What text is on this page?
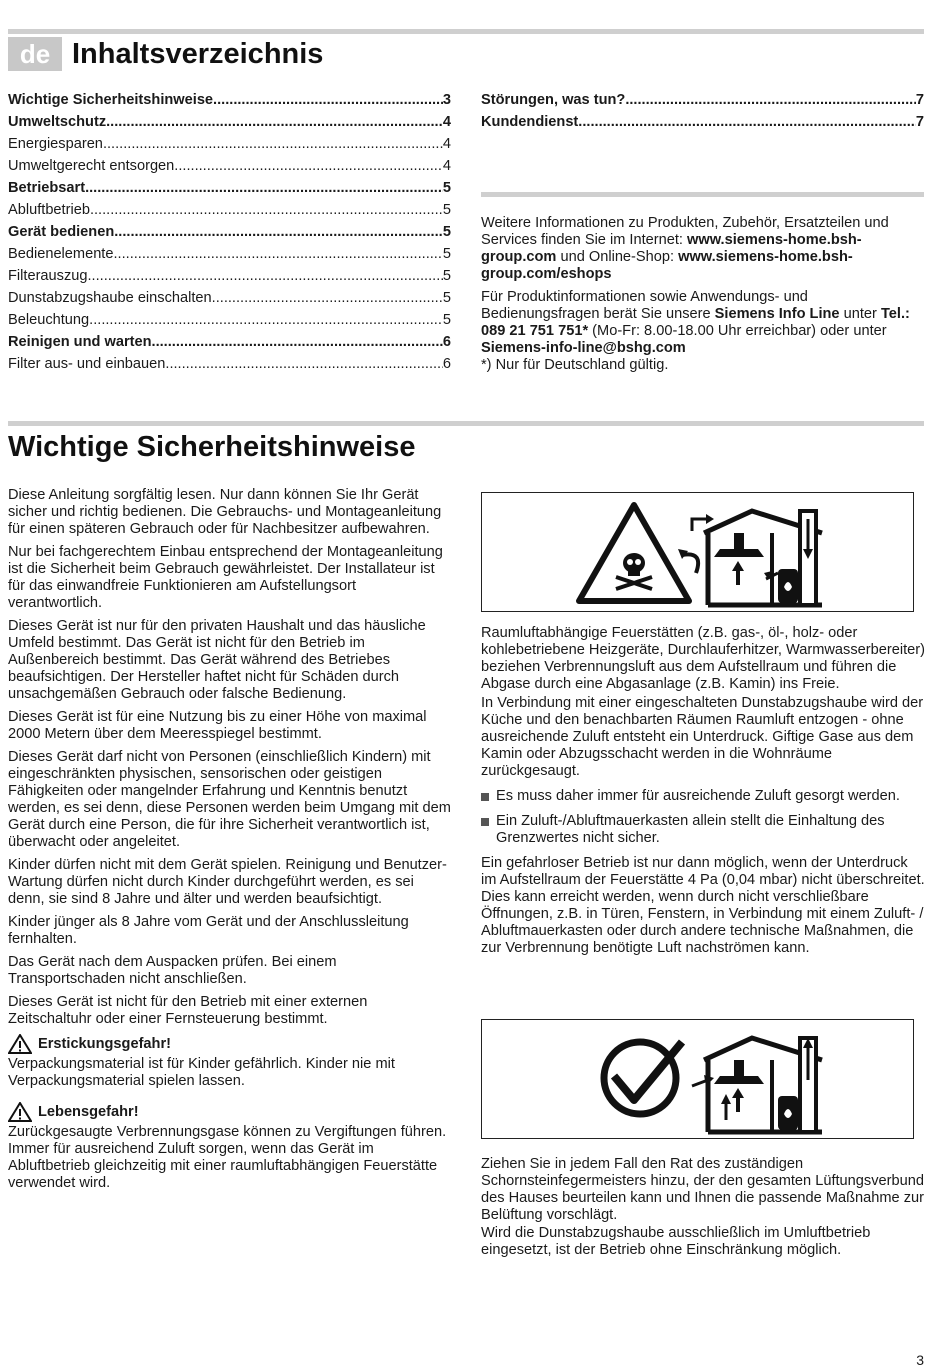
de Inhaltsverzeichnis
Wichtige Sicherheitshinweise .....	3
Umweltschutz .....	4
Energiesparen .....	4
Umweltgerecht entsorgen .....	4
Betriebsart .....	5
Abluftbetrieb .....	5
Gerät bedienen .....	5
Bedienelemente .....	5
Filterauszug .....	5
Dunstabzugshaube einschalten .....	5
Beleuchtung .....	5
Reinigen und warten .....	6
Filter aus- und einbauen .....	6
Störungen, was tun? .....	7
Kundendienst .....	7

Weitere Informationen zu Produkten, Zubehör, Ersatzteilen und Services finden Sie im Internet: www.siemens-home.bsh-group.com und Online-Shop: www.siemens-home.bsh-group.com/eshops

Für Produktinformationen sowie Anwendungs- und Bedienungsfragen berät Sie unsere Siemens Info Line unter Tel.: 089 21 751 751* (Mo-Fr: 8.00-18.00 Uhr erreichbar) oder unter Siemens-info-line@bshg.com
*) Nur für Deutschland gültig.

Wichtige Sicherheitshinweise

Diese Anleitung sorgfältig lesen. Nur dann können Sie Ihr Gerät sicher und richtig bedienen. Die Gebrauchs- und Montageanleitung für einen späteren Gebrauch oder für Nachbesitzer aufbewahren.

Nur bei fachgerechtem Einbau entsprechend der Montageanleitung ist die Sicherheit beim Gebrauch gewährleistet. Der Installateur ist für das einwandfreie Funktionieren am Aufstellungsort verantwortlich.

Dieses Gerät ist nur für den privaten Haushalt und das häusliche Umfeld bestimmt. Das Gerät ist nicht für den Betrieb im Außenbereich bestimmt. Das Gerät während des Betriebes beaufsichtigen. Der Hersteller haftet nicht für Schäden durch unsachgemäßen Gebrauch oder falsche Bedienung.

Dieses Gerät ist für eine Nutzung bis zu einer Höhe von maximal 2000 Metern über dem Meeresspiegel bestimmt.

Dieses Gerät darf nicht von Personen (einschließlich Kindern) mit eingeschränkten physischen, sensorischen oder geistigen Fähigkeiten oder mangelnder Erfahrung und Kenntnis benutzt werden, es sei denn, diese Personen werden beim Umgang mit dem Gerät durch eine Person, die für ihre Sicherheit verantwortlich ist, überwacht oder angeleitet.

Kinder dürfen nicht mit dem Gerät spielen. Reinigung und Benutzer-Wartung dürfen nicht durch Kinder durchgeführt werden, es sei denn, sie sind 8 Jahre und älter und werden beaufsichtigt.

Kinder jünger als 8 Jahre vom Gerät und der Anschlussleitung fernhalten.

Das Gerät nach dem Auspacken prüfen. Bei einem Transportschaden nicht anschließen.

Dieses Gerät ist nicht für den Betrieb mit einer externen Zeitschaltuhr oder einer Fernsteuerung bestimmt.

Erstickungsgefahr!

Verpackungsmaterial ist für Kinder gefährlich. Kinder nie mit Verpackungsmaterial spielen lassen.

Lebensgefahr!

Zurückgesaugte Verbrennungsgase können zu Vergiftungen führen.

Immer für ausreichend Zuluft sorgen, wenn das Gerät im Abluftbetrieb gleichzeitig mit einer raumluftabhängigen Feuerstätte verwendet wird.

Raumluftabhängige Feuerstätten (z.B. gas-, öl-, holz- oder kohlebetriebene Heizgeräte, Durchlauferhitzer, Warmwasserbereiter) beziehen Verbrennungsluft aus dem Aufstellraum und führen die Abgase durch eine Abgasanlage (z.B. Kamin) ins Freie.

In Verbindung mit einer eingeschalteten Dunstabzugshaube wird der Küche und den benachbarten Räumen Raumluft entzogen - ohne ausreichende Zuluft entsteht ein Unterdruck. Giftige Gase aus dem Kamin oder Abzugsschacht werden in die Wohnräume zurückgesaugt.

Es muss daher immer für ausreichende Zuluft gesorgt werden.
Ein Zuluft-/Abluftmauerkasten allein stellt die Einhaltung des Grenzwertes nicht sicher.

Ein gefahrloser Betrieb ist nur dann möglich, wenn der Unterdruck im Aufstellraum der Feuerstätte 4 Pa (0,04 mbar) nicht überschreitet. Dies kann erreicht werden, wenn durch nicht verschließbare Öffnungen, z.B. in Türen, Fenstern, in Verbindung mit einem Zuluft- / Abluftmauerkasten oder durch andere technische Maßnahmen, die zur Verbrennung benötigte Luft nachströmen kann.

Ziehen Sie in jedem Fall den Rat des zuständigen Schornsteinfegermeisters hinzu, der den gesamten Lüftungsverbund des Hauses beurteilen kann und Ihnen die passende Maßnahme zur Belüftung vorschlägt.

Wird die Dunstabzugshaube ausschließlich im Umluftbetrieb eingesetzt, ist der Betrieb ohne Einschränkung möglich.

3
